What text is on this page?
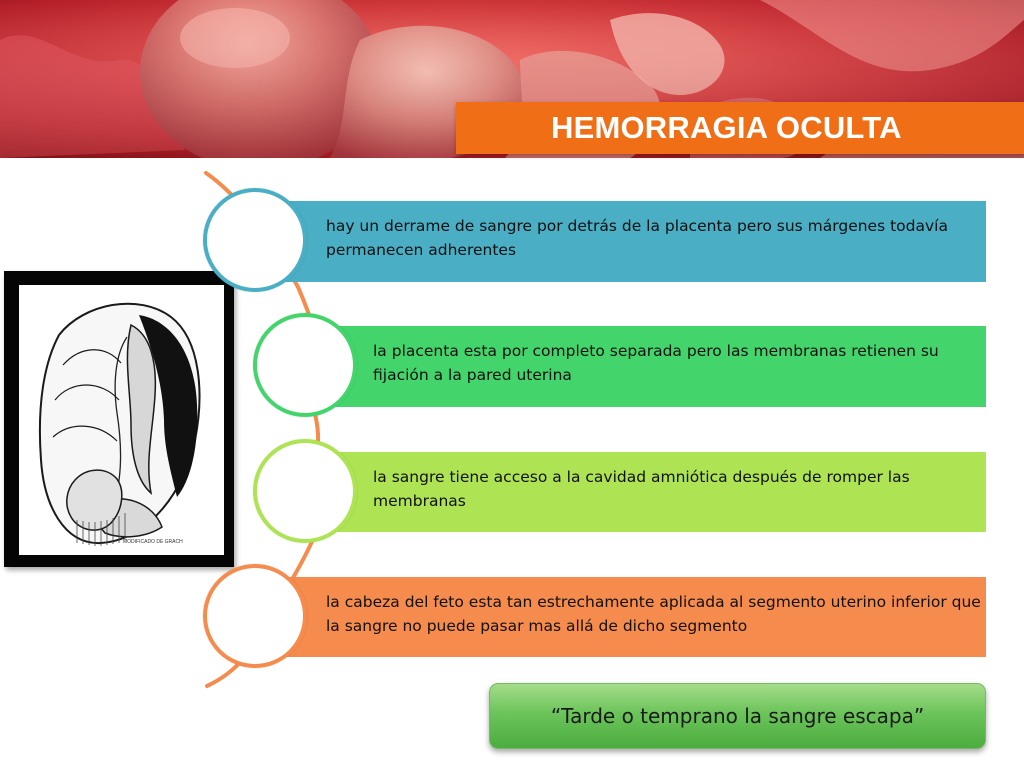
HEMORRAGIA OCULTA
MODIFICADO DE GRACH
hay un derrame de sangre por detrás de la placenta pero sus márgenes todavía permanecen adherentes
la placenta esta por completo separada pero las membranas retienen su fijación a la pared uterina
la sangre tiene acceso a la cavidad amniótica después de romper las membranas
la cabeza del feto esta tan estrechamente aplicada al segmento uterino inferior que la sangre no puede pasar mas allá de dicho segmento
“Tarde o temprano la sangre escapa”
